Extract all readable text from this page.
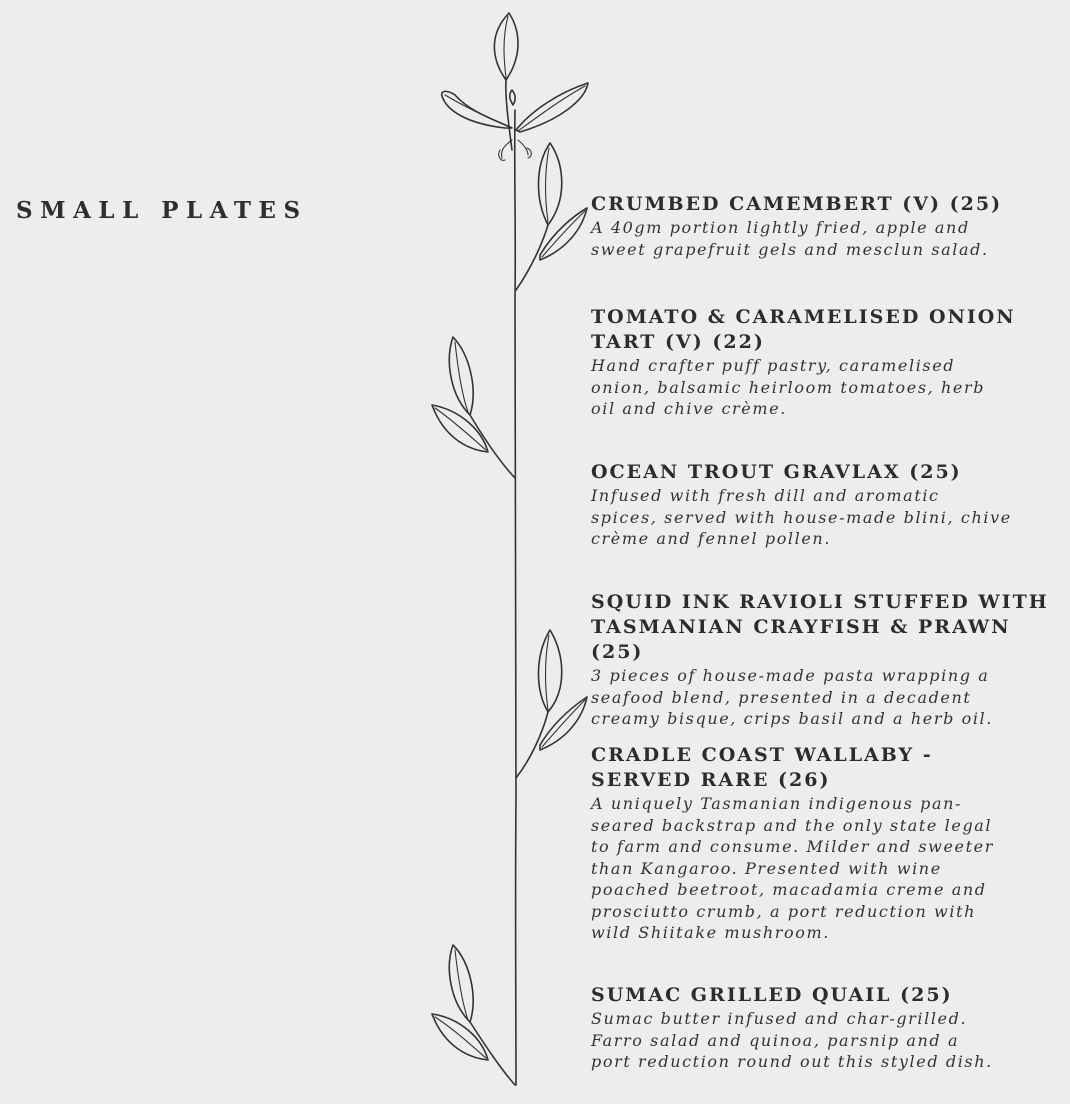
SMALL PLATES	CRUMBED CAMEMBERT (V) (25)

A 40gm portion lightly fried, apple and
sweet grapefruit gels and mesclun salad.

TOMATO & CARAMELISED ONION
TART (V) (22)

Hand crafter puff pastry, caramelised
onion, balsamic heirloom tomatoes, herb
oil and chive crème.

OCEAN TROUT GRAVLAX (25)

Infused with fresh dill and aromatic
spices, served with house-made blini, chive
crème and fennel pollen.

SQUID INK RAVIOLI STUFFED WITH
TASMANIAN CRAYFISH & PRAWN (25)

3 pieces of house-made pasta wrapping a
seafood blend, presented in a decadent
creamy bisque, crips basil and a herb oil.

CRADLE COAST WALLABY -
SERVED RARE (26)

A uniquely Tasmanian indigenous pan-
seared backstrap and the only state legal
to farm and consume. Milder and sweeter
than Kangaroo. Presented with wine
poached beetroot, macadamia creme and
prosciutto crumb, a port reduction with
wild Shiitake mushroom.

SUMAC GRILLED QUAIL (25)

Sumac butter infused and char-grilled.
Farro salad and quinoa, parsnip and a
port reduction round out this styled dish.
